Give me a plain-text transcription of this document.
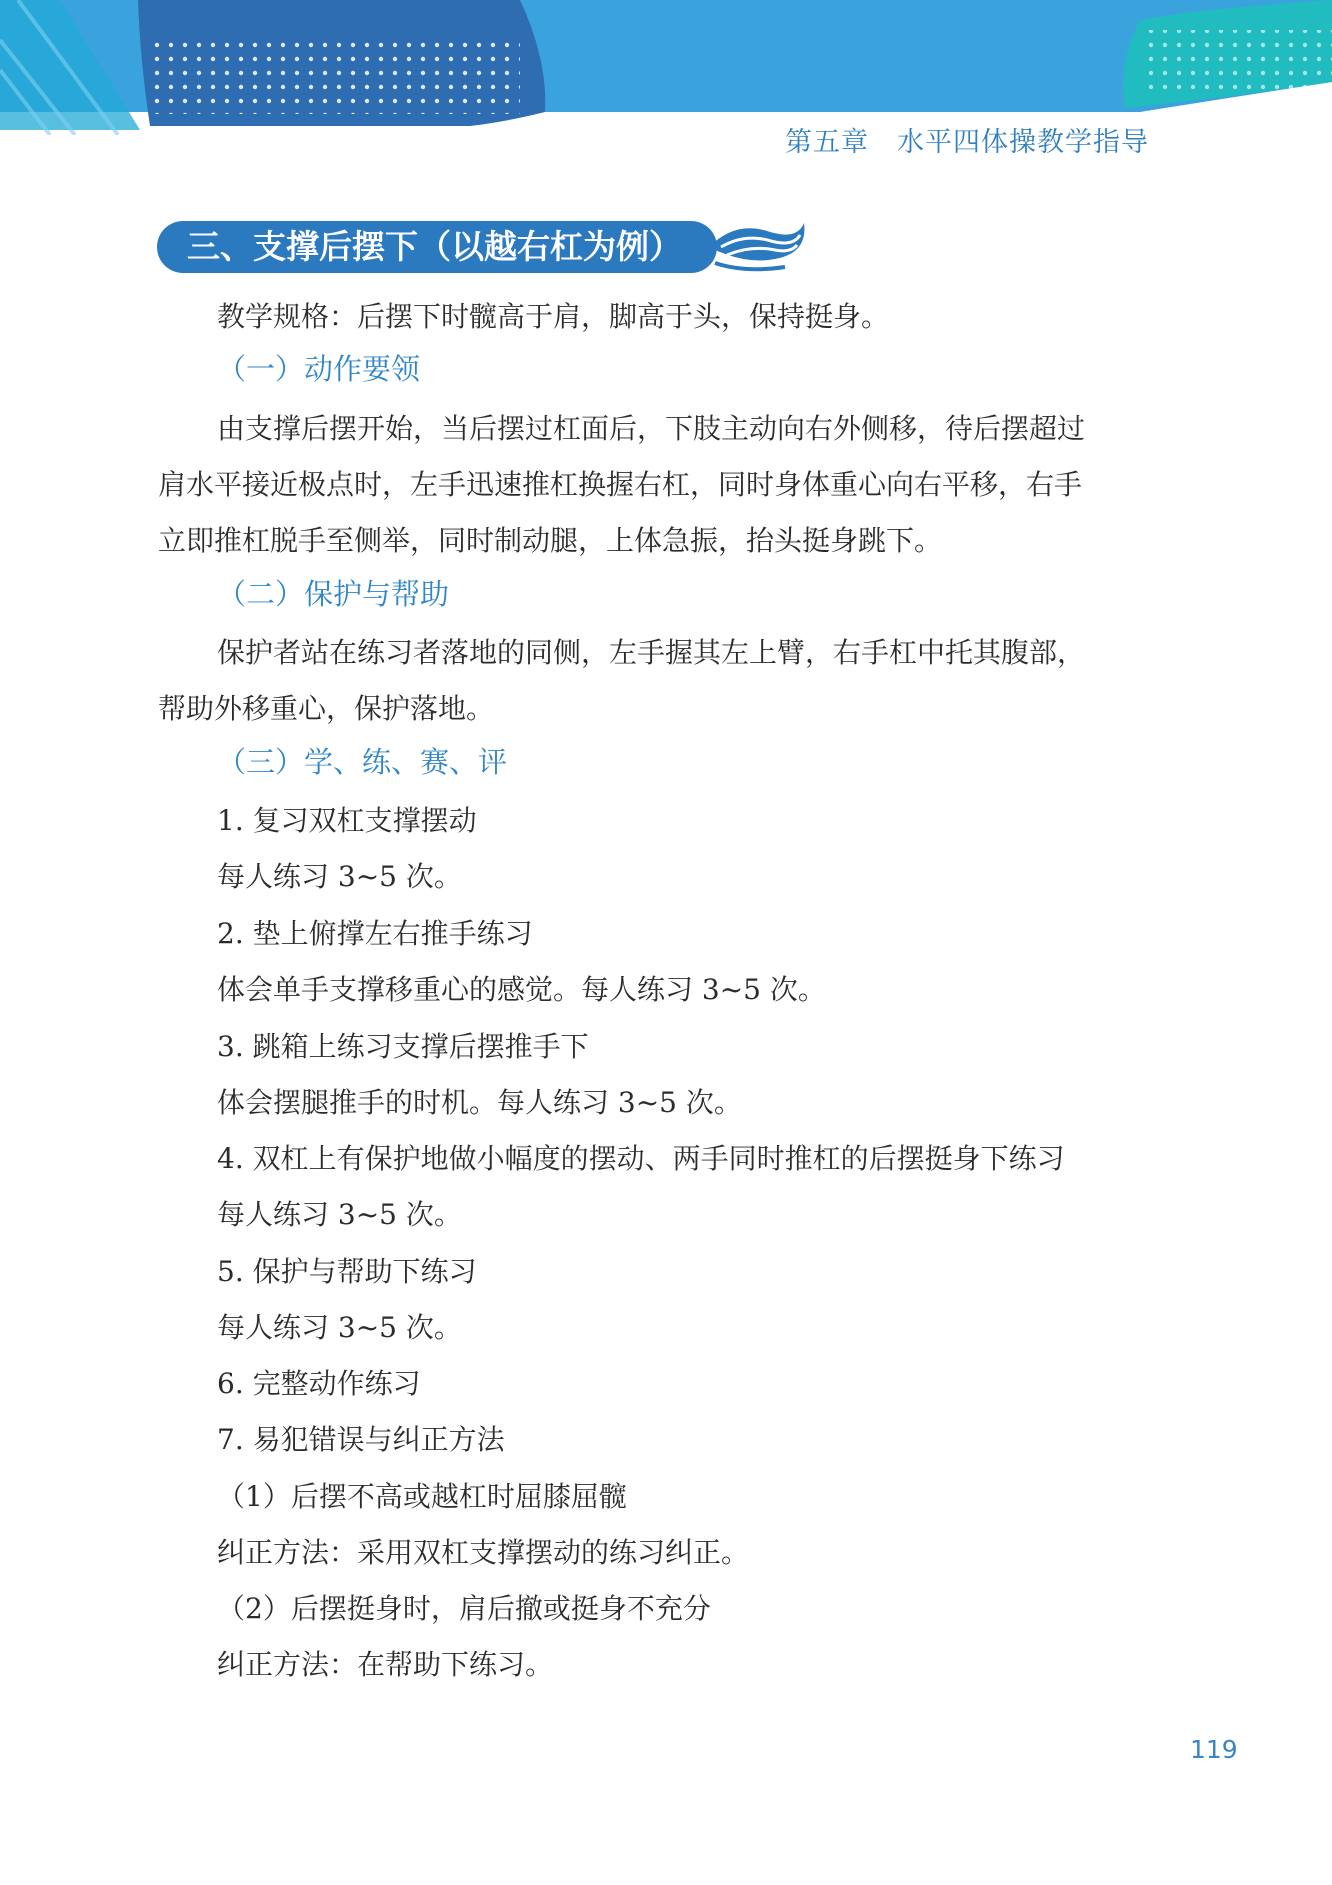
第五章　水平四体操教学指导
三、支撑后摆下（以越右杠为例）

教学规格：后摆下时髋高于肩，脚高于头，保持挺身。

（一）动作要领

由支撑后摆开始，当后摆过杠面后，下肢主动向右外侧移，待后摆超过

肩水平接近极点时，左手迅速推杠换握右杠，同时身体重心向右平移，右手

立即推杠脱手至侧举，同时制动腿，上体急振，抬头挺身跳下。

（二）保护与帮助

保护者站在练习者落地的同侧，左手握其左上臂，右手杠中托其腹部，

帮助外移重心，保护落地。

（三）学、练、赛、评

1. 复习双杠支撑摆动

每人练习 3~5 次。

2. 垫上俯撑左右推手练习

体会单手支撑移重心的感觉。每人练习 3~5 次。

3. 跳箱上练习支撑后摆推手下

体会摆腿推手的时机。每人练习 3~5 次。

4. 双杠上有保护地做小幅度的摆动、两手同时推杠的后摆挺身下练习

每人练习 3~5 次。

5. 保护与帮助下练习

每人练习 3~5 次。

6. 完整动作练习

7. 易犯错误与纠正方法

（1）后摆不高或越杠时屈膝屈髋

纠正方法：采用双杠支撑摆动的练习纠正。

（2）后摆挺身时，肩后撤或挺身不充分

纠正方法：在帮助下练习。

119
